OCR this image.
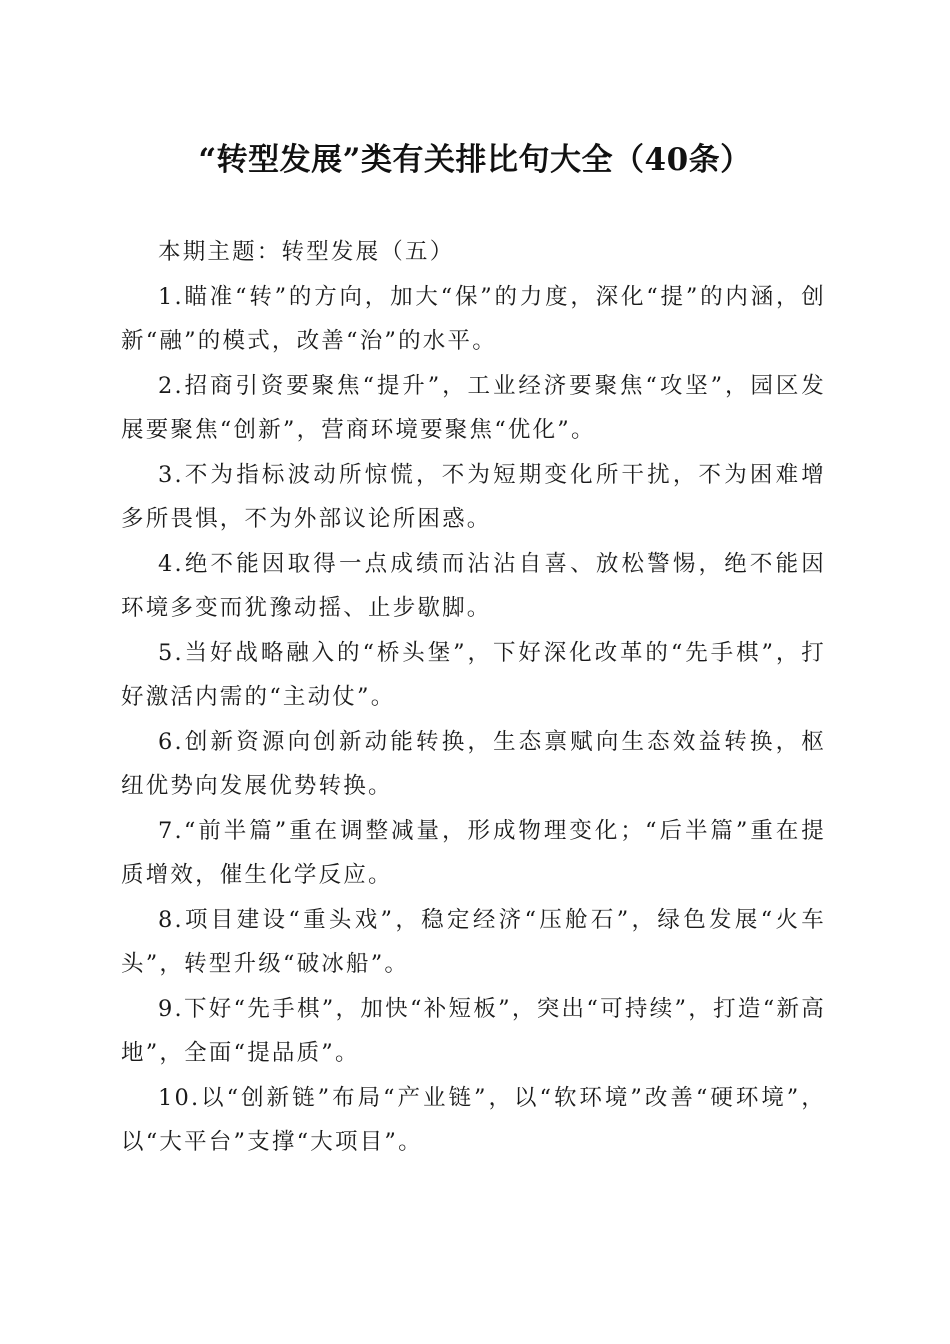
“转型发展”类有关排比句大全（40条）

本期主题：转型发展（五）

1.瞄准“转”的方向，加大“保”的力度，深化“提”的内涵，创新“融”的模式，改善“治”的水平。

2.招商引资要聚焦“提升”，工业经济要聚焦“攻坚”，园区发展要聚焦“创新”，营商环境要聚焦“优化”。

3.不为指标波动所惊慌，不为短期变化所干扰，不为困难增多所畏惧，不为外部议论所困惑。

4.绝不能因取得一点成绩而沾沾自喜、放松警惕，绝不能因环境多变而犹豫动摇、止步歇脚。

5.当好战略融入的“桥头堡”，下好深化改革的“先手棋”，打好激活内需的“主动仗”。

6.创新资源向创新动能转换，生态禀赋向生态效益转换，枢纽优势向发展优势转换。

7.“前半篇”重在调整减量，形成物理变化；“后半篇”重在提质增效，催生化学反应。

8.项目建设“重头戏”，稳定经济“压舱石”，绿色发展“火车头”，转型升级“破冰船”。

9.下好“先手棋”，加快“补短板”，突出“可持续”，打造“新高地”，全面“提品质”。

10.以“创新链”布局“产业链”，以“软环境”改善“硬环境”，以“大平台”支撑“大项目”。
